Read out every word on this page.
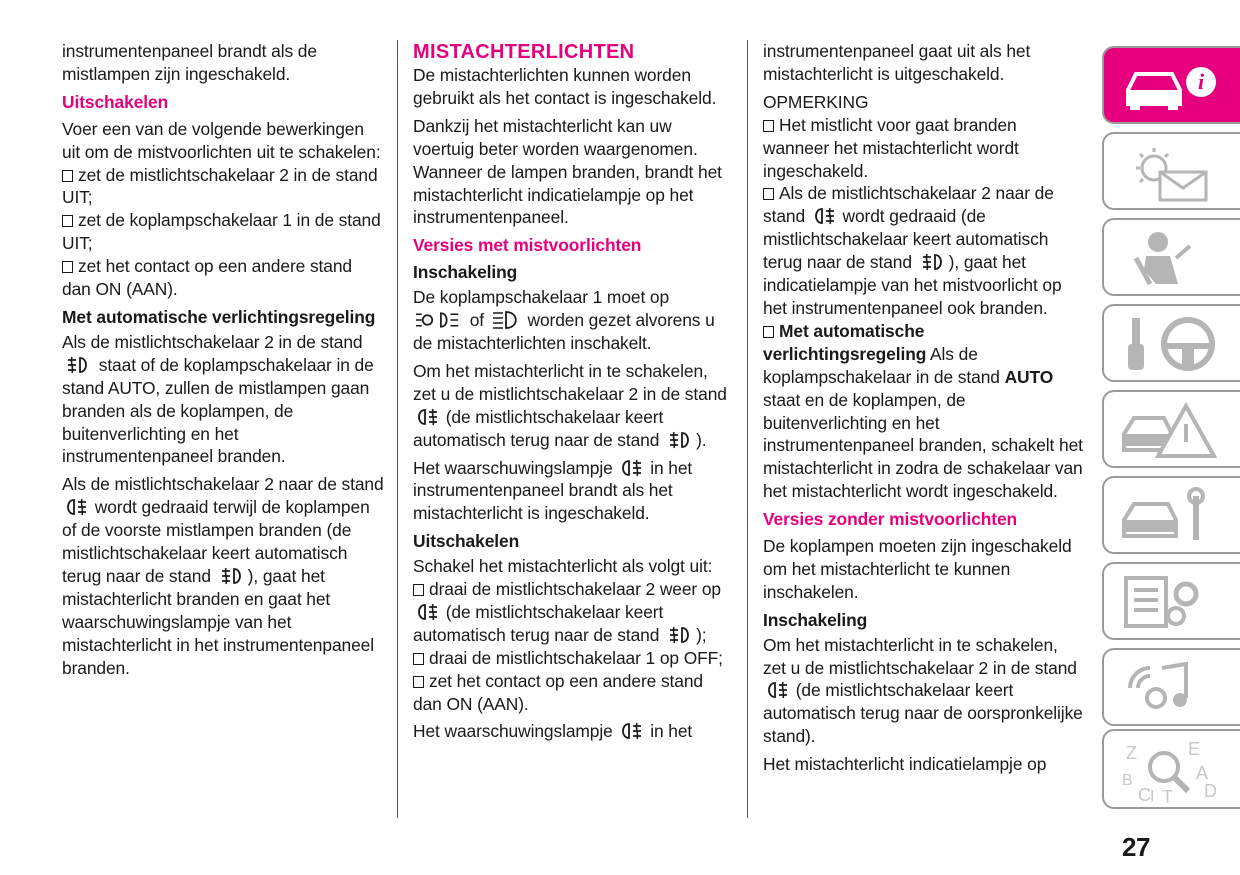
instrumentenpaneel brandt als de mistlampen zijn ingeschakeld.

Uitschakelen

Voer een van de volgende bewerkingen uit om de mistvoorlichten uit te schakelen:
zet de mistlichtschakelaar 2 in de stand UIT;
zet de koplampschakelaar 1 in de stand UIT;
zet het contact op een andere stand dan ON (AAN).

Met automatische verlichtingsregeling

Als de mistlichtschakelaar 2 in de stand
staat of de koplampschakelaar in de stand AUTO, zullen de mistlampen gaan branden als de koplampen, de buitenverlichting en het instrumentenpaneel branden.

Als de mistlichtschakelaar 2 naar de stand  wordt gedraaid terwijl de koplampen of de voorste mistlampen branden (de mistlichtschakelaar keert automatisch terug naar de stand ), gaat het mistachterlicht branden en gaat het waarschuwingslampje van het mistachterlicht in het instrumentenpaneel branden.

MISTACHTERLICHTEN

De mistachterlichten kunnen worden gebruikt als het contact is ingeschakeld.

Dankzij het mistachterlicht kan uw voertuig beter worden waargenomen. Wanneer de lampen branden, brandt het mistachterlicht indicatielampje op het instrumentenpaneel.

Versies met mistvoorlichten

Inschakeling

De koplampschakelaar 1 moet op
of worden gezet alvorens u de mistachterlichten inschakelt.

Om het mistachterlicht in te schakelen, zet u de mistlichtschakelaar 2 in de stand  (de mistlichtschakelaar keert automatisch terug naar de stand ).

Het waarschuwingslampje in het instrumentenpaneel brandt als het mistachterlicht is ingeschakeld.

Uitschakelen

Schakel het mistachterlicht als volgt uit:
draai de mistlichtschakelaar 2 weer op  (de mistlichtschakelaar keert automatisch terug naar de stand );
draai de mistlichtschakelaar 1 op OFF;
zet het contact op een andere stand dan ON (AAN).

Het waarschuwingslampje in het

instrumentenpaneel gaat uit als het mistachterlicht is uitgeschakeld.

OPMERKING
Het mistlicht voor gaat branden wanneer het mistachterlicht wordt ingeschakeld.
Als de mistlichtschakelaar 2 naar de stand wordt gedraaid (de mistlichtschakelaar keert automatisch terug naar de stand ), gaat het indicatielampje van het mistvoorlicht op het instrumentenpaneel ook branden.
Met automatische verlichtingsregeling Als de koplampschakelaar in de stand AUTO staat en de koplampen, de buitenverlichting en het instrumentenpaneel branden, schakelt het mistachterlicht in zodra de schakelaar van het mistachterlicht wordt ingeschakeld.

Versies zonder mistvoorlichten

De koplampen moeten zijn ingeschakeld om het mistachterlicht te kunnen inschakelen.

Inschakeling

Om het mistachterlicht in te schakelen, zet u de mistlichtschakelaar 2 in de stand  (de mistlichtschakelaar keert automatisch terug naar de oorspronkelijke stand).

Het mistachterlicht indicatielampje op

i
Z	E
B	A
C T D
I
27
